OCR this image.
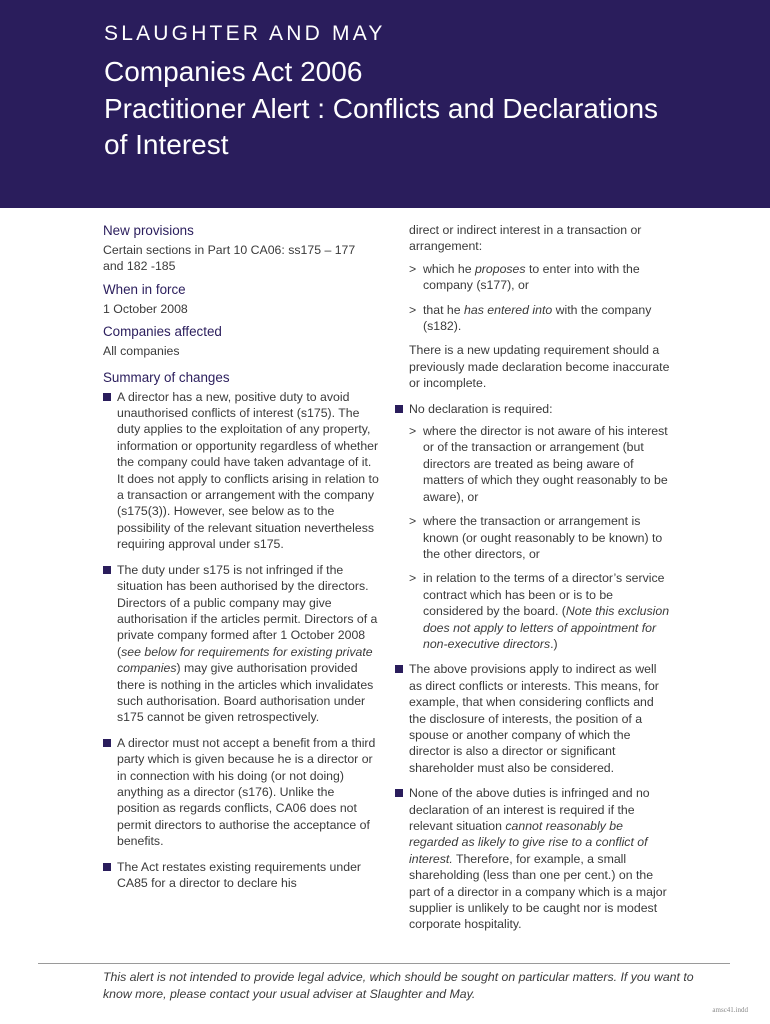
SLAUGHTER AND MAY
Companies Act 2006
Practitioner Alert : Conflicts and Declarations
of Interest
New provisions
Certain sections in Part 10 CA06: ss175 – 177 and 182 -185
When in force
1 October 2008
Companies affected
All companies
Summary of changes
A director has a new, positive duty to avoid unauthorised conflicts of interest (s175). The duty applies to the exploitation of any property, information or opportunity regardless of whether the company could have taken advantage of it. It does not apply to conflicts arising in relation to a transaction or arrangement with the company (s175(3)). However, see below as to the possibility of the relevant situation nevertheless requiring approval under s175.
The duty under s175 is not infringed if the situation has been authorised by the directors. Directors of a public company may give authorisation if the articles permit. Directors of a private company formed after 1 October 2008 (see below for requirements for existing private companies) may give authorisation provided there is nothing in the articles which invalidates such authorisation. Board authorisation under s175 cannot be given retrospectively.
A director must not accept a benefit from a third party which is given because he is a director or in connection with his doing (or not doing) anything as a director (s176). Unlike the position as regards conflicts, CA06 does not permit directors to authorise the acceptance of benefits.
The Act restates existing requirements under CA85 for a director to declare his
direct or indirect interest in a transaction or arrangement:
> which he proposes to enter into with the company (s177), or
> that he has entered into with the company (s182).
There is a new updating requirement should a previously made declaration become inaccurate or incomplete.
No declaration is required:
> where the director is not aware of his interest or of the transaction or arrangement (but directors are treated as being aware of matters of which they ought reasonably to be aware), or
> where the transaction or arrangement is known (or ought reasonably to be known) to the other directors, or
> in relation to the terms of a director’s service contract which has been or is to be considered by the board. (Note this exclusion does not apply to letters of appointment for non-executive directors.)
The above provisions apply to indirect as well as direct conflicts or interests. This means, for example, that when considering conflicts and the disclosure of interests, the position of a spouse or another company of which the director is also a director or significant shareholder must also be considered.
None of the above duties is infringed and no declaration of an interest is required if the relevant situation cannot reasonably be regarded as likely to give rise to a conflict of interest. Therefore, for example, a small shareholding (less than one per cent.) on the part of a director in a company which is a major supplier is unlikely to be caught nor is modest corporate hospitality.
This alert is not intended to provide legal advice, which should be sought on particular matters. If you want to know more, please contact your usual adviser at Slaughter and May.
amsc41.indd
